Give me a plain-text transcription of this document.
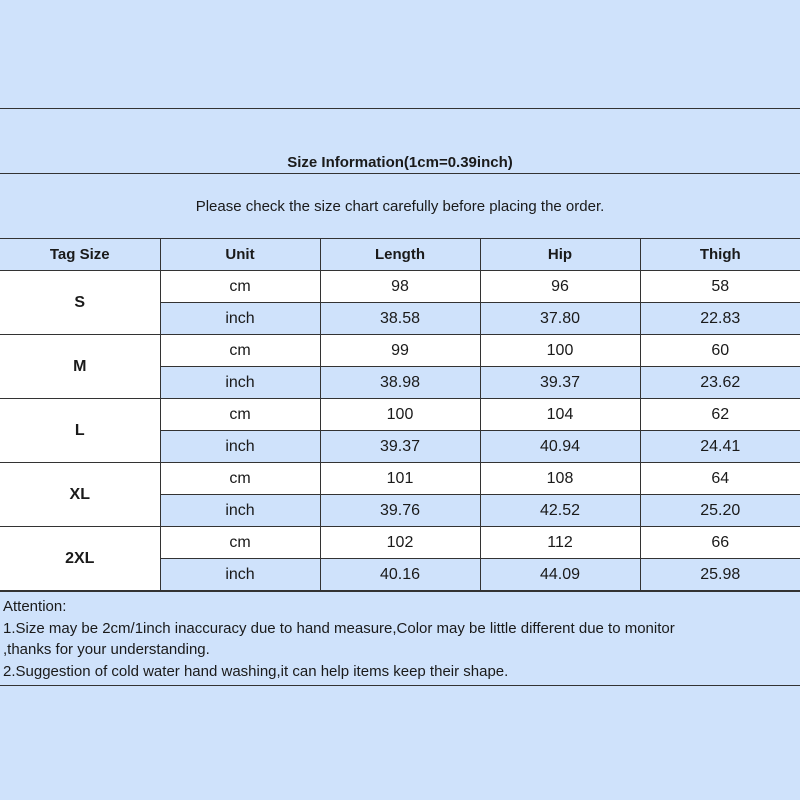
Size Information(1cm=0.39inch)
Please check the size chart carefully before placing the order.
Tag Size	Unit	Length	Hip	Thigh
S	cm	98	96	58
	inch	38.58	37.80	22.83
M	cm	99	100	60
	inch	38.98	39.37	23.62
L	cm	100	104	62
	inch	39.37	40.94	24.41
XL	cm	101	108	64
	inch	39.76	42.52	25.20
2XL	cm	102	112	66
	inch	40.16	44.09	25.98
Attention:
1.Size may be 2cm/1inch inaccuracy due to hand measure,Color may be little different due to monitor
,thanks for your understanding.
2.Suggestion of cold water hand washing,it can help items keep their shape.
